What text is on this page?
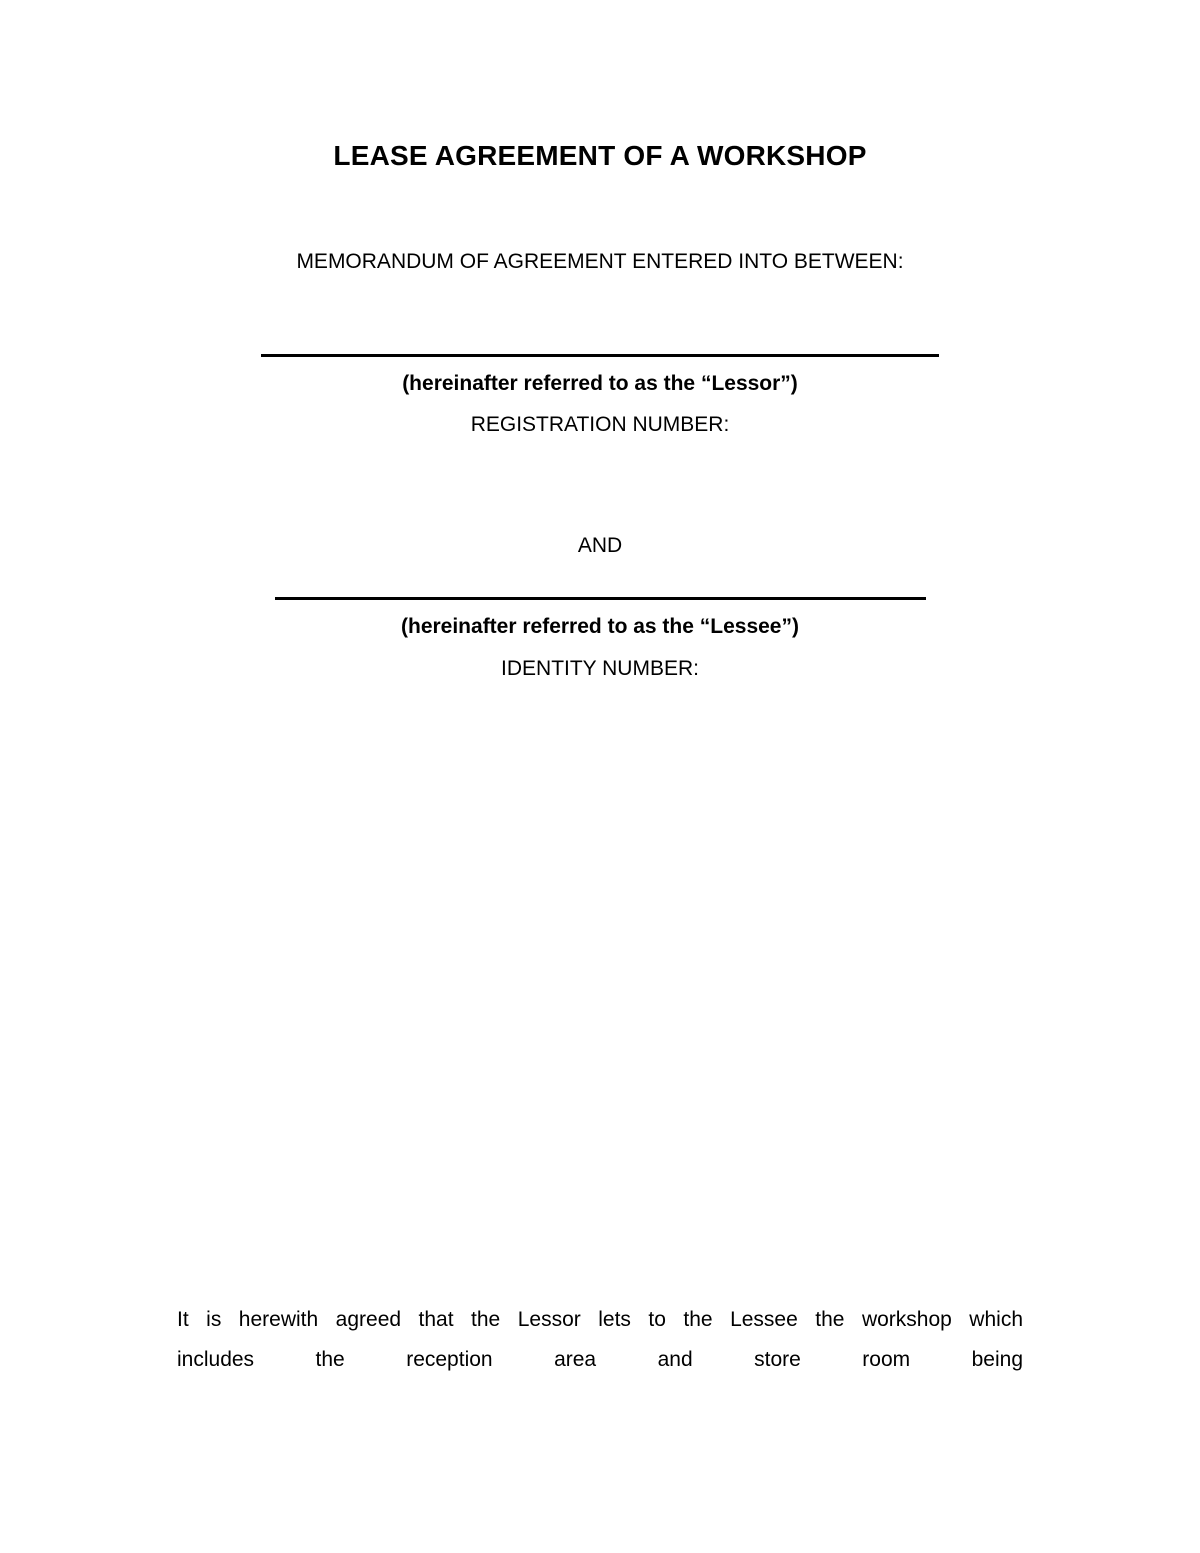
LEASE AGREEMENT OF A WORKSHOP
MEMORANDUM OF AGREEMENT ENTERED INTO BETWEEN:
(hereinafter referred to as the “Lessor”)
REGISTRATION NUMBER:
AND
(hereinafter referred to as the “Lessee”)
IDENTITY NUMBER:
It is herewith agreed that the Lessor lets to the Lessee the workshop which
includes the reception area and store room being
